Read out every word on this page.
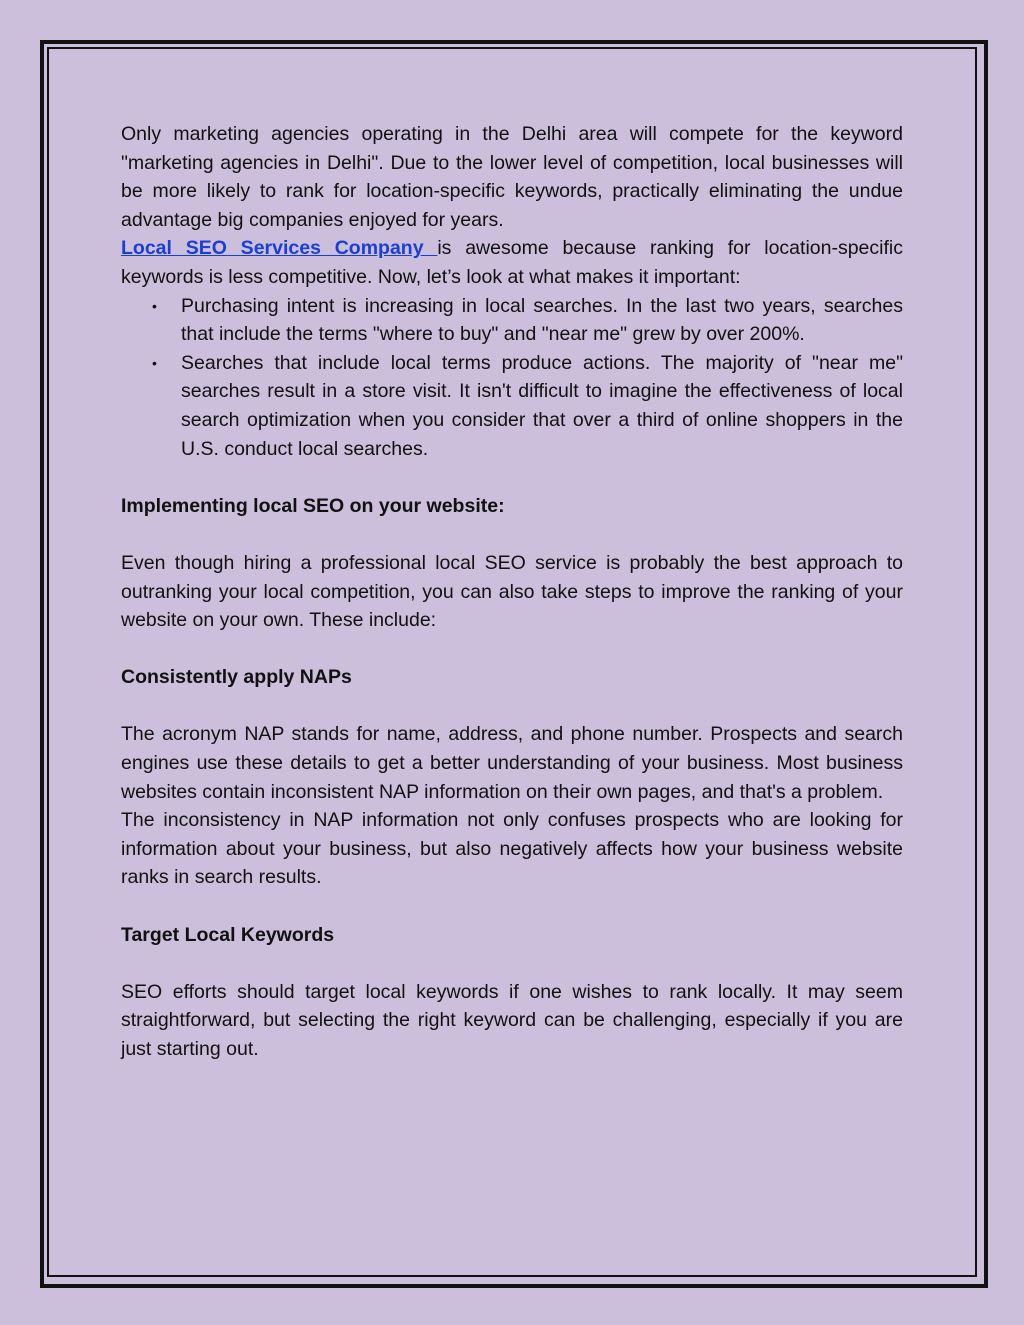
Only marketing agencies operating in the Delhi area will compete for the keyword "marketing agencies in Delhi". Due to the lower level of competition, local businesses will be more likely to rank for location-specific keywords, practically eliminating the undue advantage big companies enjoyed for years.

Local SEO Services Company is awesome because ranking for location-specific keywords is less competitive. Now, let’s look at what makes it important:

• Purchasing intent is increasing in local searches. In the last two years, searches that include the terms "where to buy" and "near me" grew by over 200%.
• Searches that include local terms produce actions. The majority of "near me" searches result in a store visit. It isn't difficult to imagine the effectiveness of local search optimization when you consider that over a third of online shoppers in the U.S. conduct local searches.

Implementing local SEO on your website:

Even though hiring a professional local SEO service is probably the best approach to outranking your local competition, you can also take steps to improve the ranking of your website on your own. These include:

Consistently apply NAPs

The acronym NAP stands for name, address, and phone number. Prospects and search engines use these details to get a better understanding of your business. Most business websites contain inconsistent NAP information on their own pages, and that's a problem.

The inconsistency in NAP information not only confuses prospects who are looking for information about your business, but also negatively affects how your business website ranks in search results.

Target Local Keywords

SEO efforts should target local keywords if one wishes to rank locally. It may seem straightforward, but selecting the right keyword can be challenging, especially if you are just starting out.
